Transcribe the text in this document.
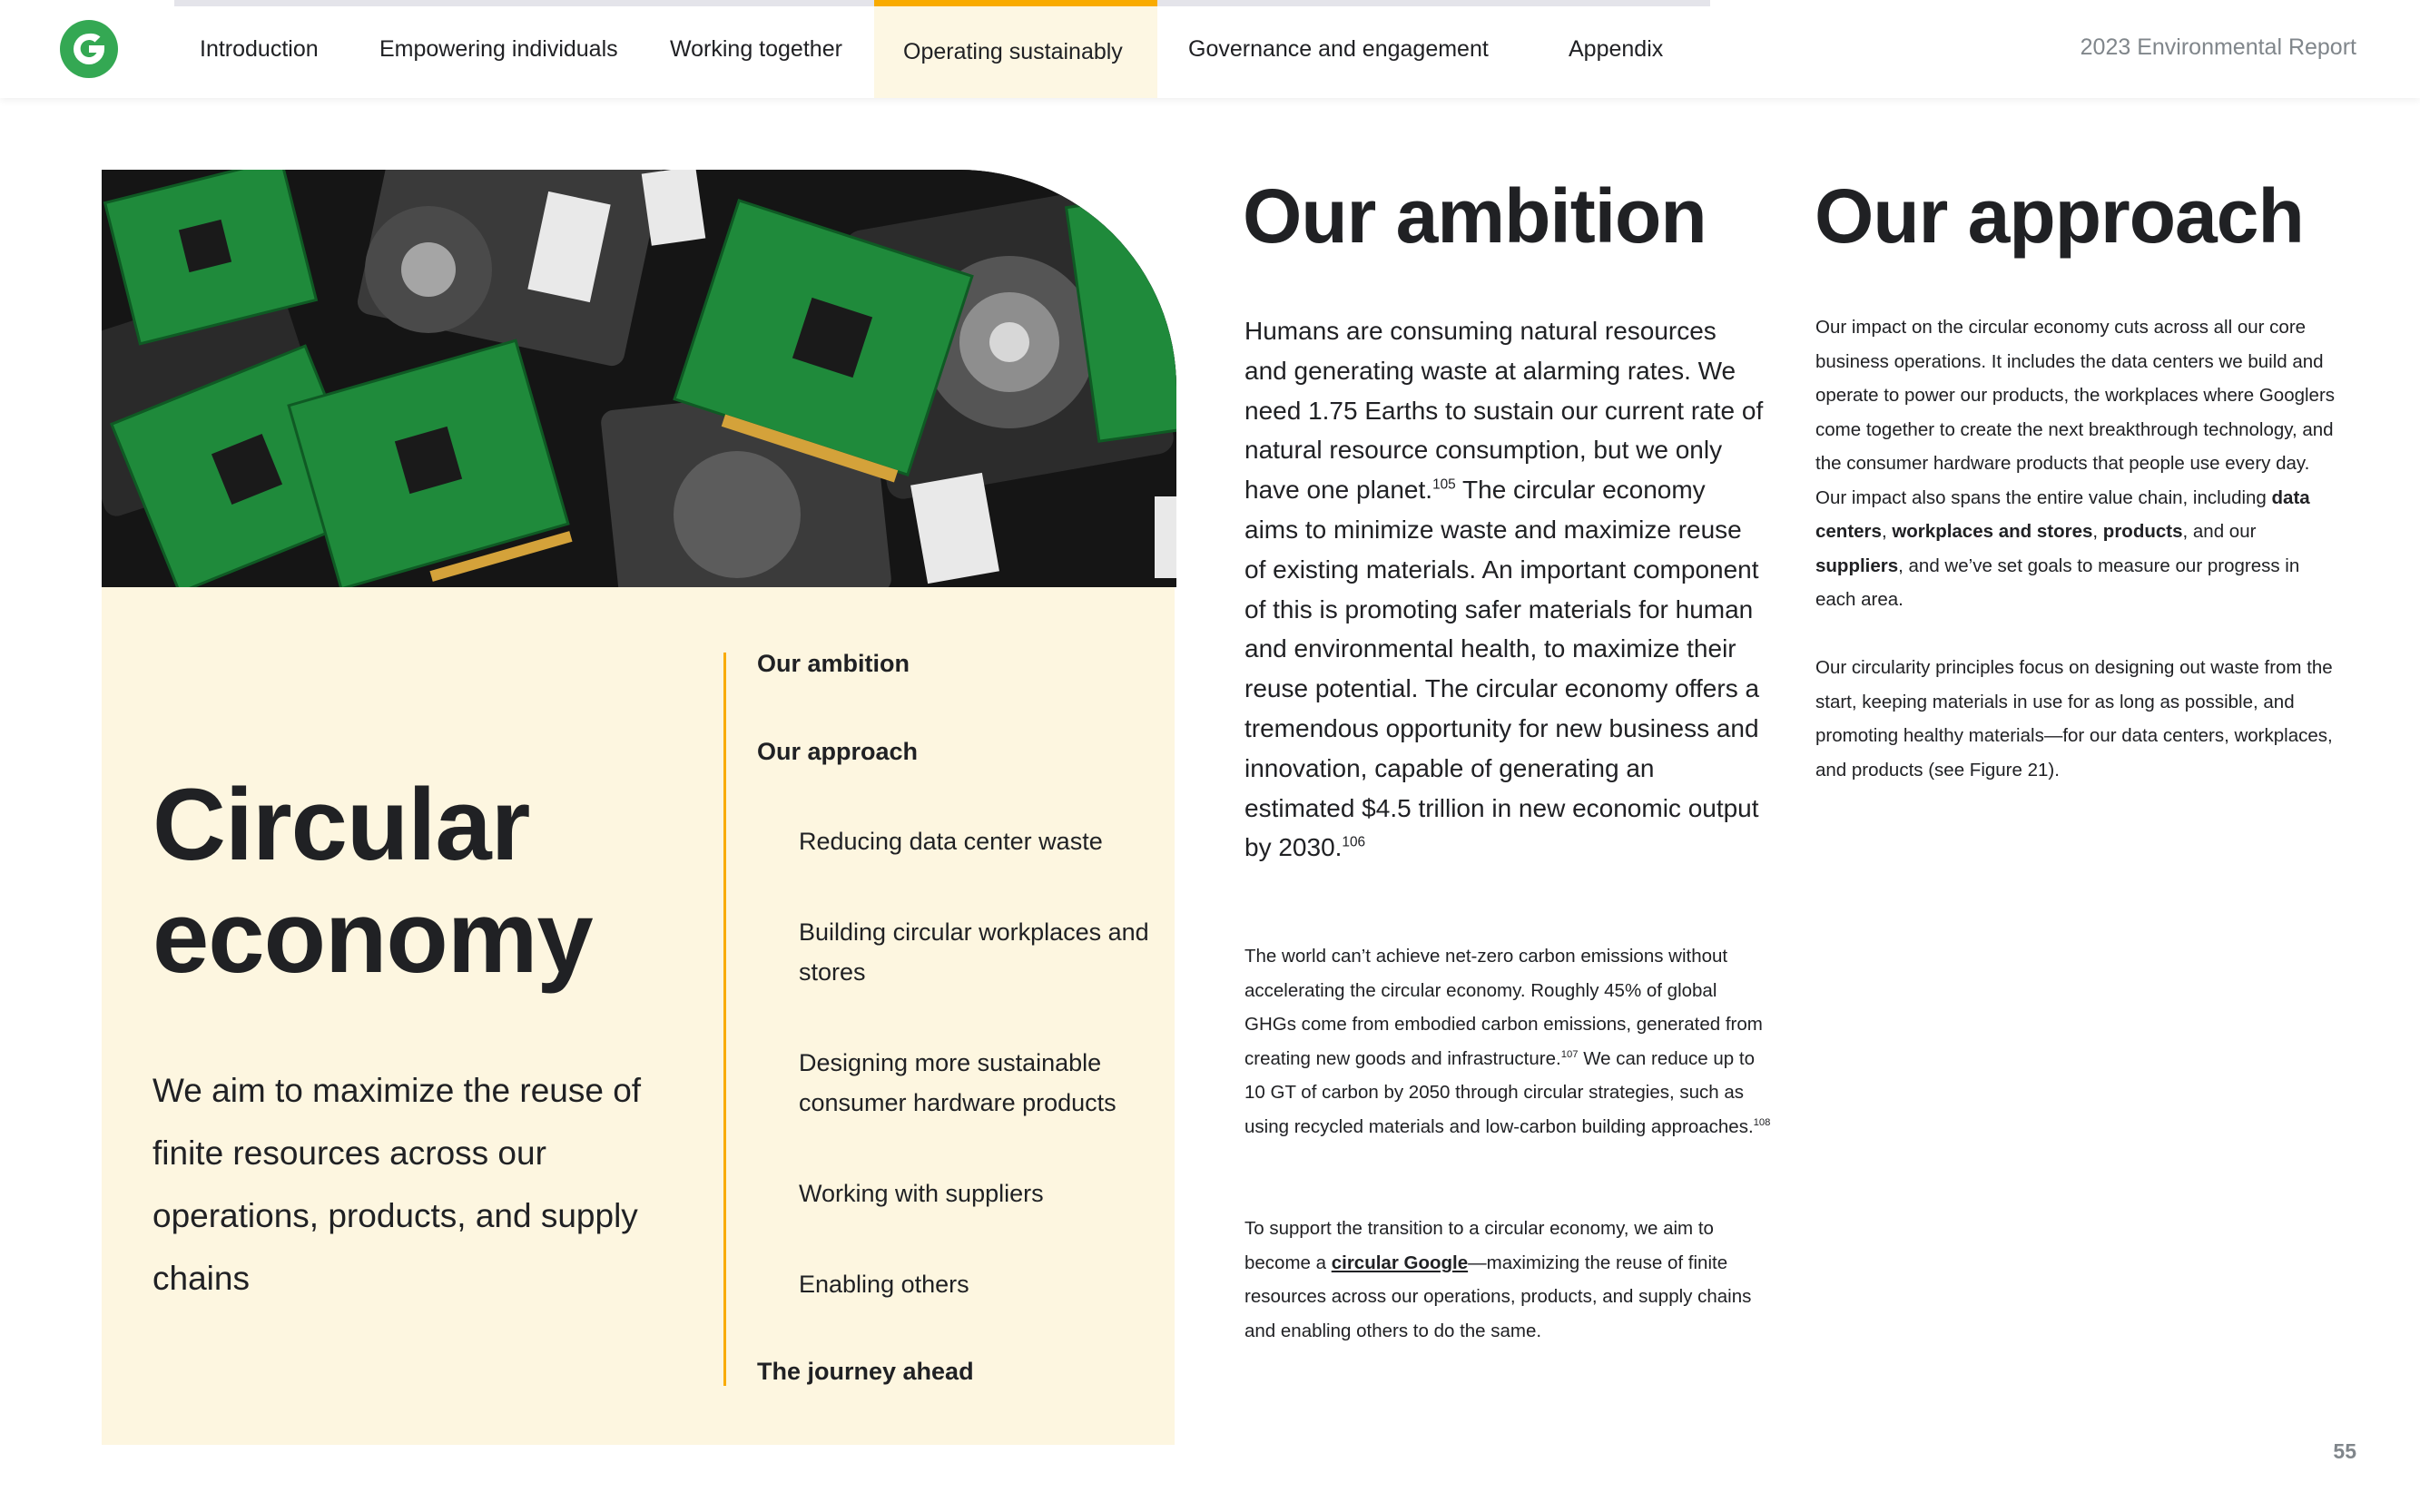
Introduction	Empowering individuals Working together	Operating sustainably	Governance and engagement	Appendix	2023 Environmental Report
Circular
economy

We aim to maximize the reuse of finite resources across our operations, products, and supply chains

Our ambition
Our approach
Reducing data center waste
Building circular workplaces and stores
Designing more sustainable consumer hardware products
Working with suppliers
Enabling others
The journey ahead
Our ambition

Humans are consuming natural resources and generating waste at alarming rates. We need 1.75 Earths to sustain our current rate of natural resource consumption, but we only have one planet.$^{105}$ The circular economy aims to minimize waste and maximize reuse of existing materials. An important component of this is promoting safer materials for human and environmental health, to maximize their reuse potential. The circular economy offers a tremendous opportunity for new business and innovation, capable of generating an estimated $4.5 trillion in new economic output by 2030.$^{106}$

The world can’t achieve net-zero carbon emissions without accelerating the circular economy. Roughly 45% of global GHGs come from embodied carbon emissions, generated from creating new goods and infrastructure.$^{107}$ We can reduce up to 10 GT of carbon by 2050 through circular strategies, such as using recycled materials and low-carbon building approaches.$^{108}$

To support the transition to a circular economy, we aim to become a circular Google—maximizing the reuse of finite resources across our operations, products, and supply chains and enabling others to do the same.

Our approach

Our impact on the circular economy cuts across all our core business operations. It includes the data centers we build and operate to power our products, the workplaces where Googlers come together to create the next breakthrough technology, and the consumer hardware products that people use every day. Our impact also spans the entire value chain, including data centers, workplaces and stores, products, and our suppliers, and we’ve set goals to measure our progress in each area.

Our circularity principles focus on designing out waste from the start, keeping materials in use for as long as possible, and promoting healthy materials—for our data centers, workplaces, and products (see Figure 21).

55
